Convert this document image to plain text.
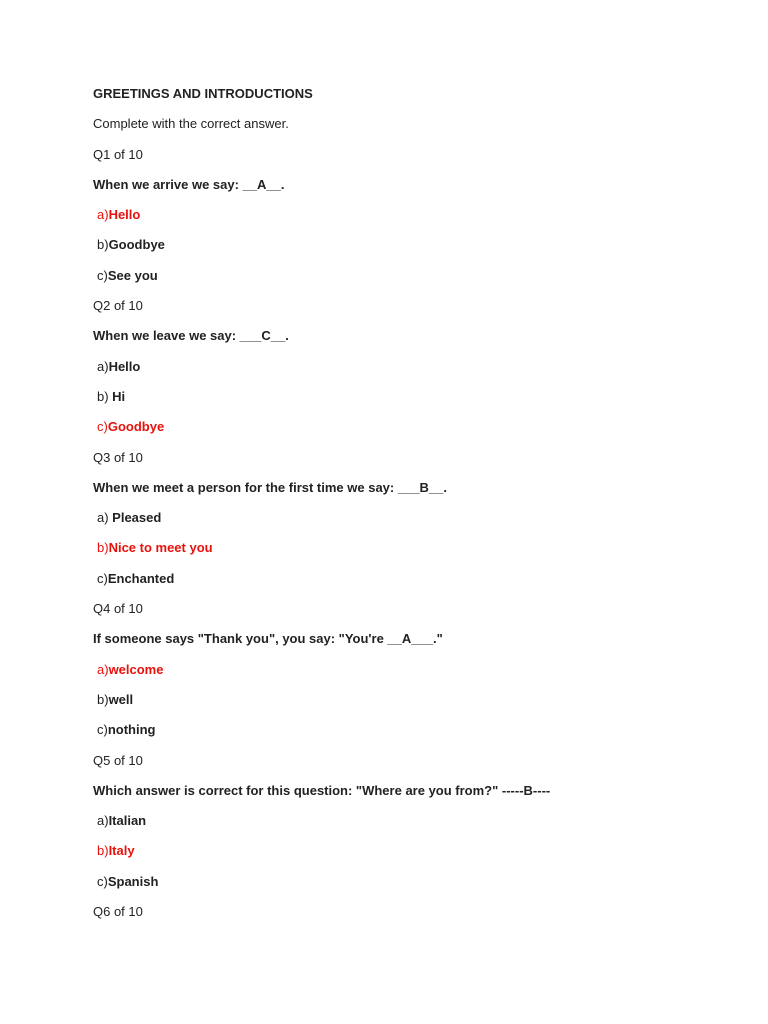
GREETINGS AND INTRODUCTIONS
Complete with the correct answer.
Q1 of 10
When we arrive we say: __A__.
a)Hello
b)Goodbye
c)See you
Q2 of 10
When we leave we say: ___C__.
a)Hello
b) Hi
c)Goodbye
Q3 of 10
When we meet a person for the first time we say: ___B__.
a) Pleased
b)Nice to meet you
c)Enchanted
Q4 of 10
If someone says "Thank you", you say: "You're __A___."
a)welcome
b)well
c)nothing
Q5 of 10
Which answer is correct for this question: "Where are you from?" -----B----
a)Italian
b)Italy
c)Spanish
Q6 of 10
